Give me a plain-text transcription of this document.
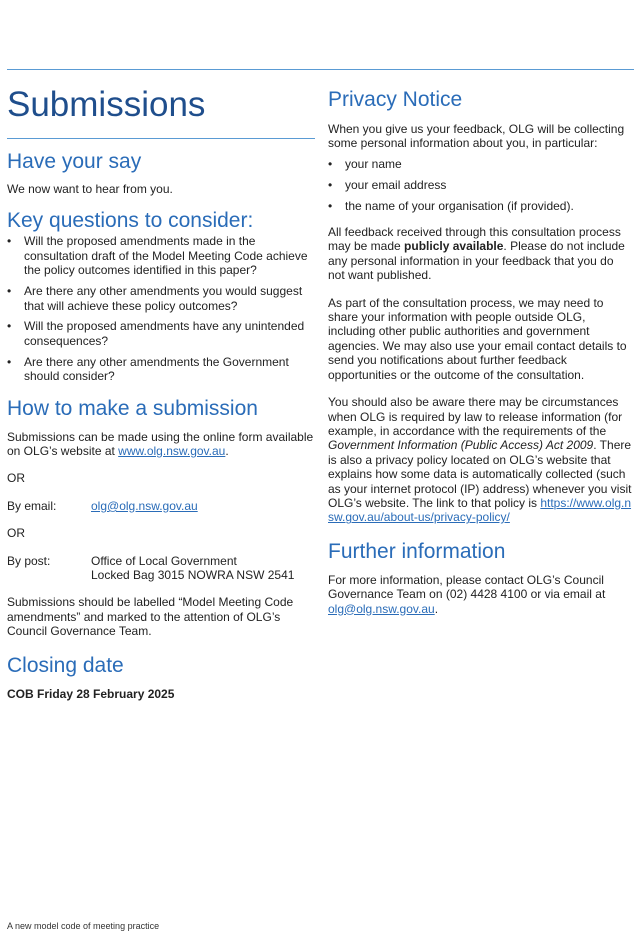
Submissions
Have your say

We now want to hear from you.

Key questions to consider:
• Will the proposed amendments made in the consultation draft of the Model Meeting Code achieve the policy outcomes identified in this paper?
• Are there any other amendments you would suggest that will achieve these policy outcomes?
• Will the proposed amendments have any unintended consequences?
• Are there any other amendments the Government should consider?
How to make a submission

Submissions can be made using the online form available on OLG’s website at www.olg.nsw.gov.au.

OR

By email:	olg@olg.nsw.gov.au

OR

By post:	Office of Local Government
Locked Bag 3015 NOWRA NSW 2541

Submissions should be labelled “Model Meeting Code amendments” and marked to the attention of OLG’s Council Governance Team.

Closing date

COB Friday 28 February 2025

Privacy Notice

When you give us your feedback, OLG will be collecting some personal information about you, in particular:

• your name
• your email address
• the name of your organisation (if provided).

All feedback received through this consultation process may be made publicly available. Please do not include any personal information in your feedback that you do not want published.

As part of the consultation process, we may need to share your information with people outside OLG, including other public authorities and government agencies. We may also use your email contact details to send you notifications about further feedback opportunities or the outcome of the consultation.

You should also be aware there may be circumstances when OLG is required by law to release information (for example, in accordance with the requirements of the Government Information (Public Access) Act 2009. There is also a privacy policy located on OLG’s website that explains how some data is automatically collected (such as your internet protocol (IP) address) whenever you visit OLG’s website. The link to that policy is https://www.olg.nsw.gov.au/about-us/privacy-policy/

Further information

For more information, please contact OLG’s Council Governance Team on (02) 4428 4100 or via email at olg@olg.nsw.gov.au.

A new model code of meeting practice
